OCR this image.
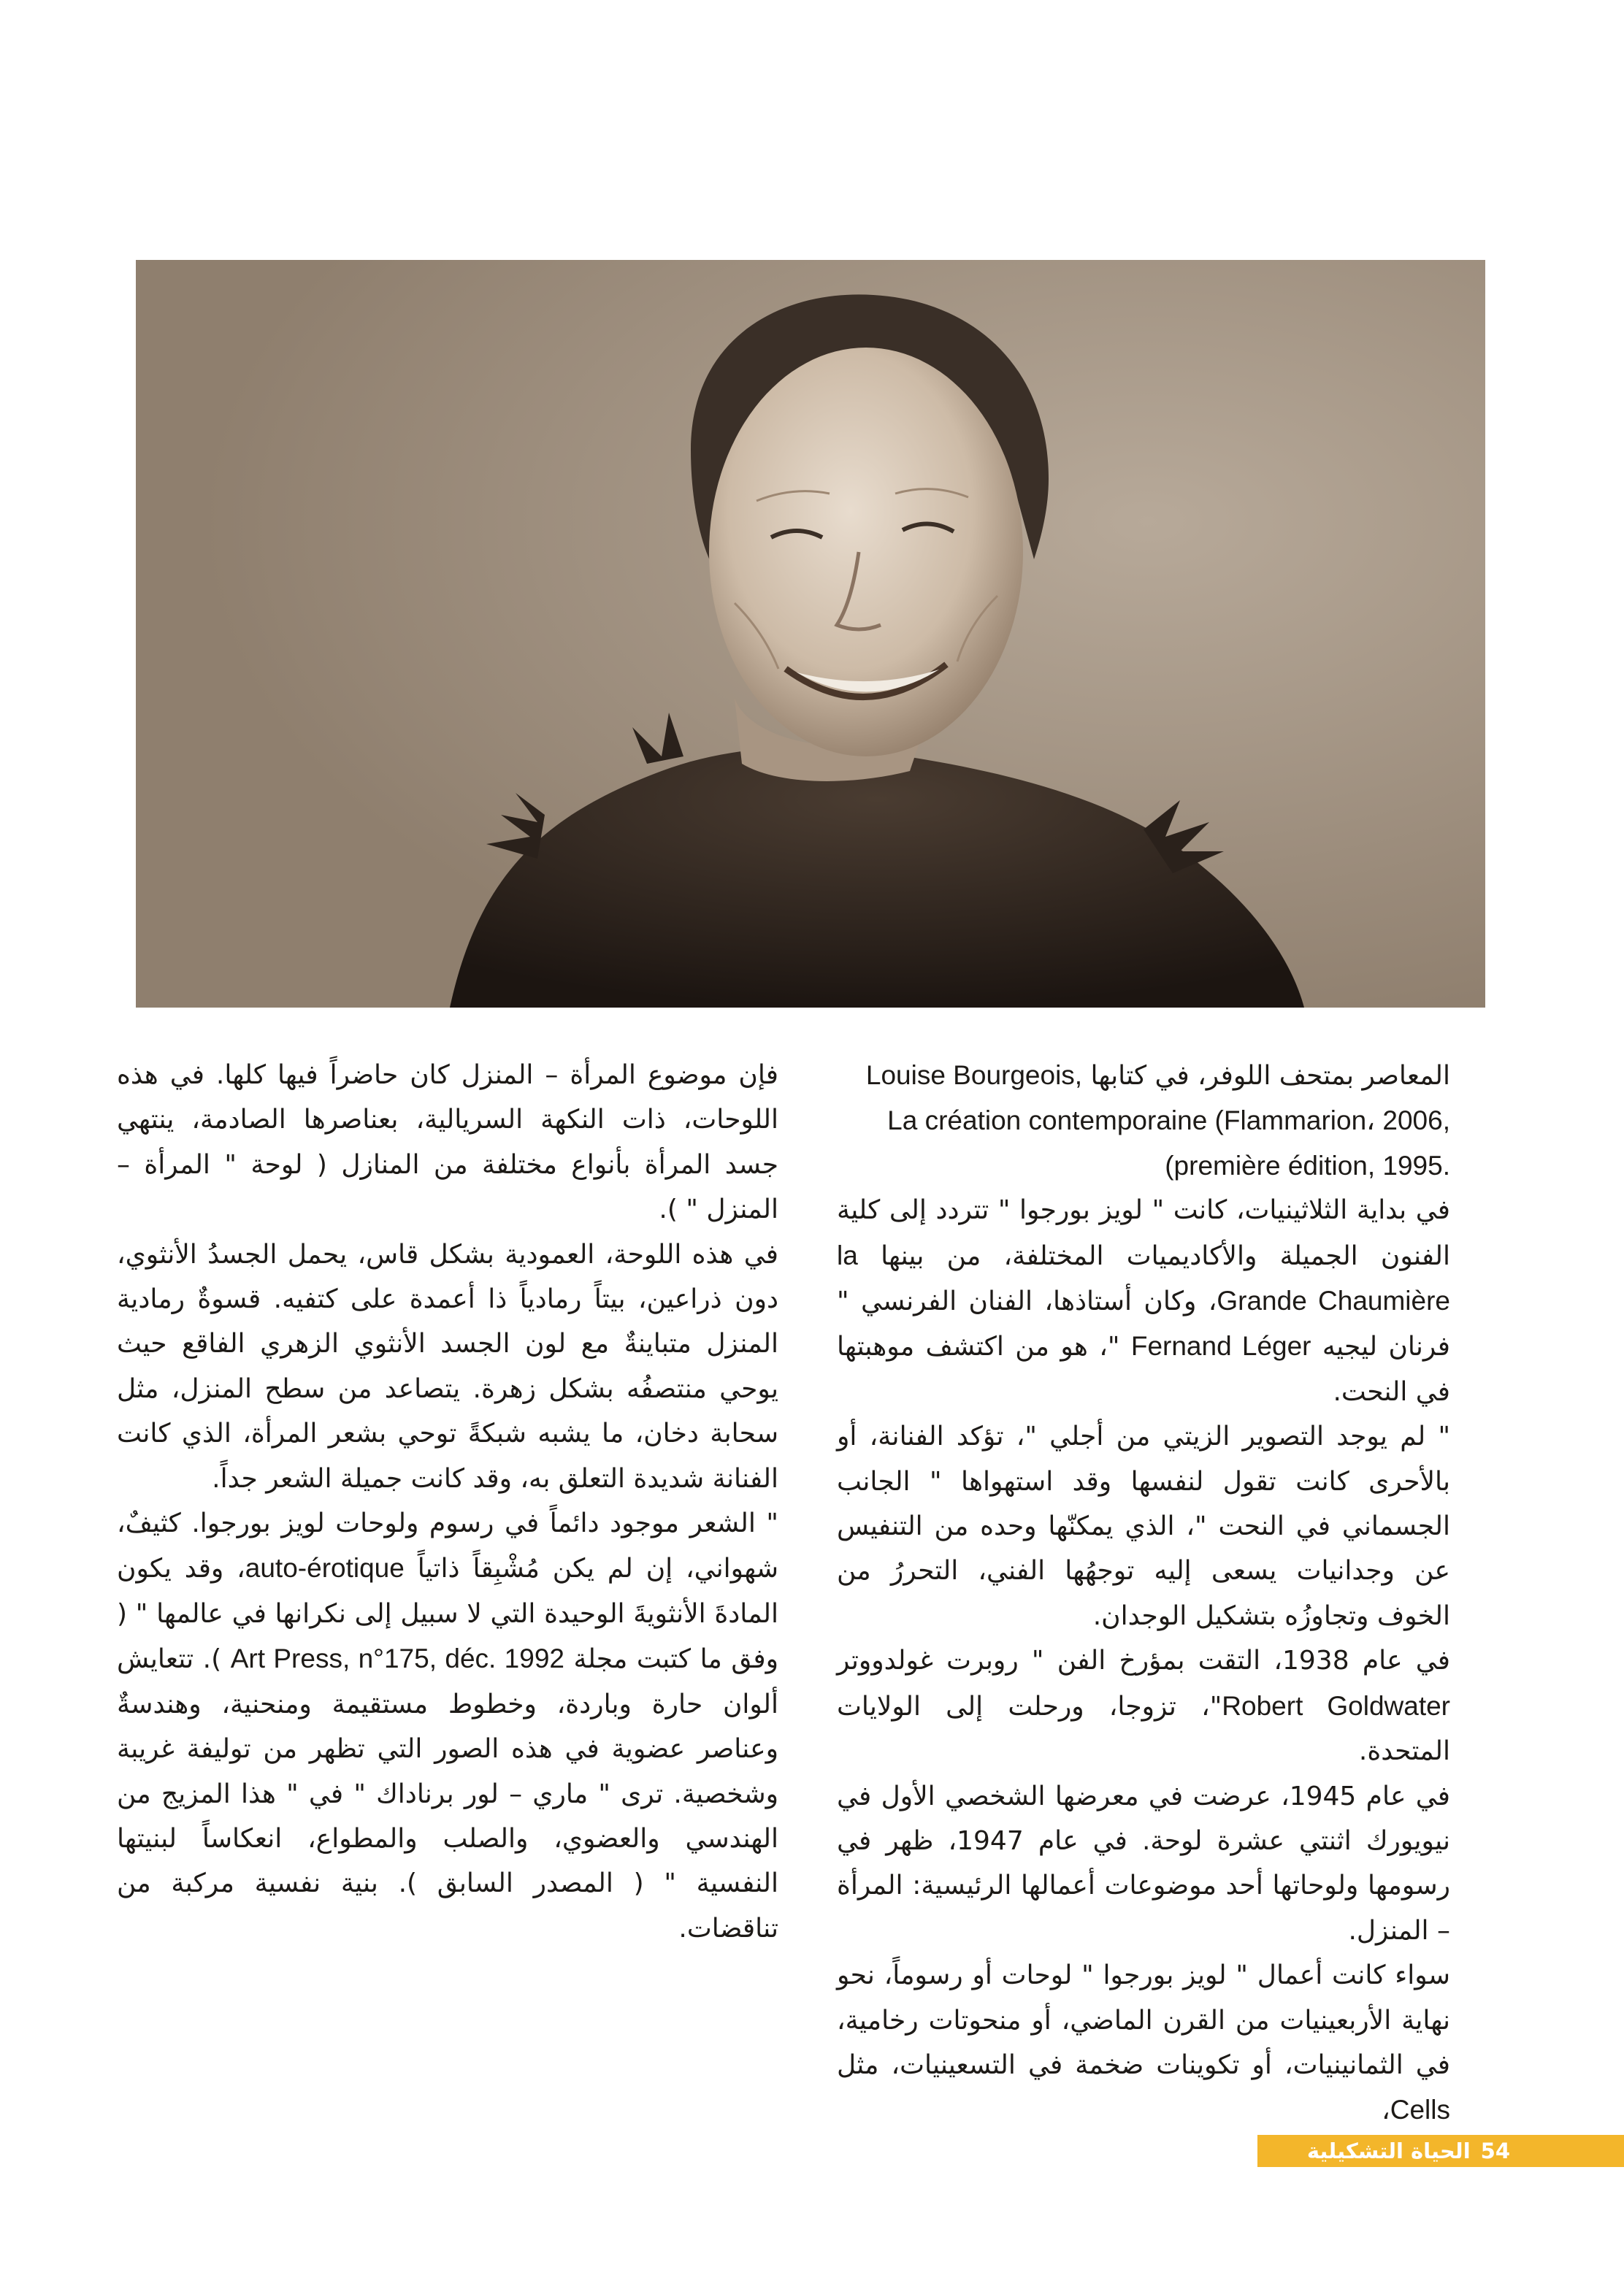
المعاصر بمتحف اللوفر، في كتابها Louise Bourgeois,

La création contemporaine (Flammarion، 2006,
(première édition, 1995.

في بداية الثلاثينيات، كانت " لويز بورجوا " تتردد إلى كلية الفنون الجميلة والأكاديميات المختلفة، من بينها la Grande Chaumière، وكان أستاذها، الفنان الفرنسي " فرنان ليجيه Fernand Léger "، هو من اكتشف موهبتها في النحت.

" لم يوجد التصوير الزيتي من أجلي "، تؤكد الفنانة، أو بالأحرى كانت تقول لنفسها وقد استهواها " الجانب الجسماني في النحت "، الذي يمكنّها وحده من التنفيس عن وجدانيات يسعى إليه توجهُها الفني، التحررُ من الخوف وتجاوزُه بتشكيل الوجدان.

في عام 1938، التقت بمؤرخ الفن " روبرت غولدووتر Robert Goldwater"، تزوجا، ورحلت إلى الولايات المتحدة.

في عام 1945، عرضت في معرضها الشخصي الأول في نيويورك اثنتي عشرة لوحة. في عام 1947، ظهر في رسومها ولوحاتها أحد موضوعات أعمالها الرئيسية: المرأة – المنزل.

سواء كانت أعمال " لويز بورجوا " لوحات أو رسوماً، نحو نهاية الأربعينيات من القرن الماضي، أو منحوتات رخامية، في الثمانينيات، أو تكوينات ضخمة في التسعينيات، مثل Cells،

فإن موضوع المرأة – المنزل كان حاضراً فيها كلها. في هذه اللوحات، ذات النكهة السريالية، بعناصرها الصادمة، ينتهي جسد المرأة بأنواع مختلفة من المنازل ( لوحة " المرأة – المنزل " ).

في هذه اللوحة، العمودية بشكل قاس، يحمل الجسدُ الأنثوي، دون ذراعين، بيتاً رمادياً ذا أعمدة على كتفيه. قسوةٌ رمادية المنزل متباينةٌ مع لون الجسد الأنثوي الزهري الفاقع حيث يوحي منتصفُه بشكل زهرة. يتصاعد من سطح المنزل، مثل سحابة دخان، ما يشبه شبكةً توحي بشعر المرأة، الذي كانت الفنانة شديدة التعلق به، وقد كانت جميلة الشعر جداً.

" الشعر موجود دائماً في رسوم ولوحات لويز بورجوا. كثيفٌ، شهواني، إن لم يكن مُشْبِقاً ذاتياً auto-érotique، وقد يكون المادةَ الأنثويةَ الوحيدة التي لا سبيل إلى نكرانها في عالمها " ( وفق ما كتبت مجلة Art Press, n°175, déc. 1992 ). تتعايش ألوان حارة وباردة، وخطوط مستقيمة ومنحنية، وهندسةٌ وعناصر عضوية في هذه الصور التي تظهر من توليفة غريبة وشخصية. ترى " ماري – لور برناداك " في " هذا المزيج من الهندسي والعضوي، والصلب والمطواع، انعكاساً لبنيتها النفسية " ( المصدر السابق ). بنية نفسية مركبة من تناقضات.

54الحياة التشكيلية
